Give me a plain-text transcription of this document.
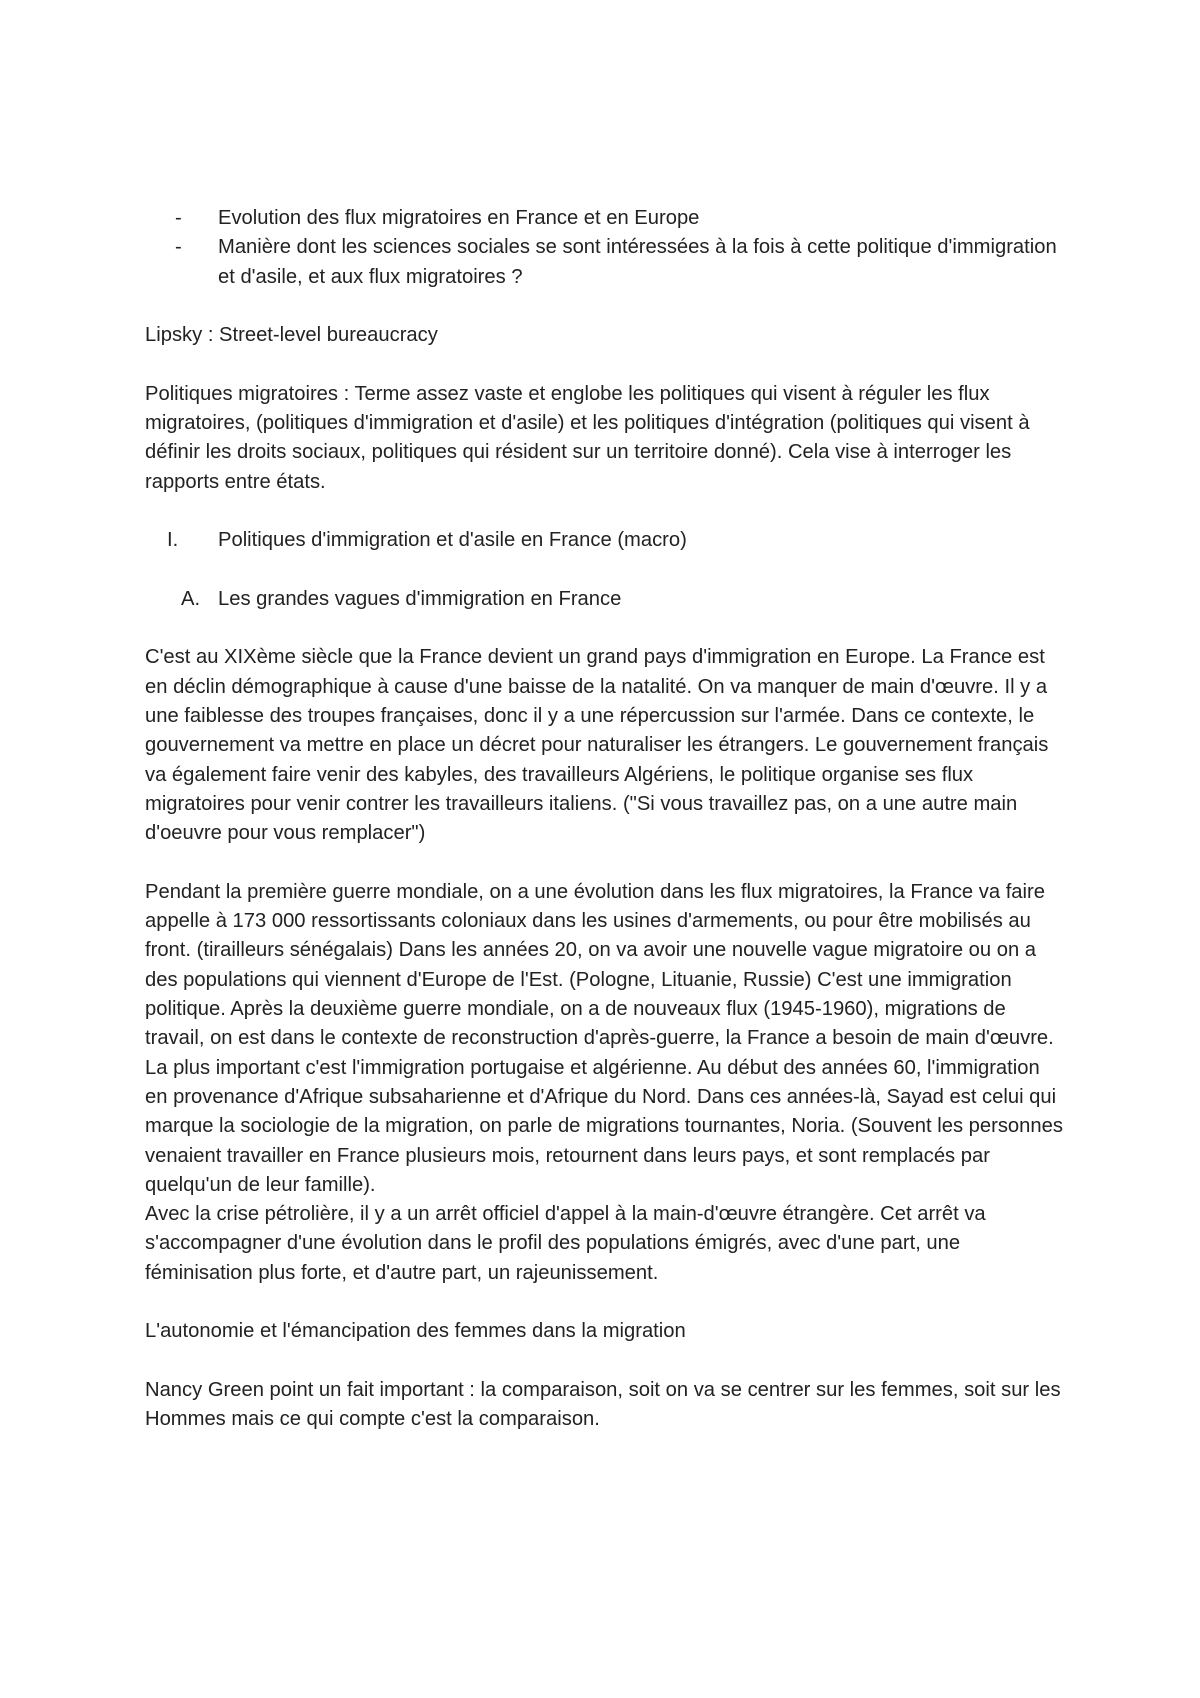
- Evolution des flux migratoires en France et en Europe
- Manière dont les sciences sociales se sont intéressées à la fois à cette politique d'immigration et d'asile, et aux flux migratoires ?

Lipsky : Street-level bureaucracy

Politiques migratoires : Terme assez vaste et englobe les politiques qui visent à réguler les flux migratoires, (politiques d'immigration et d'asile) et les politiques d'intégration (politiques qui visent à définir les droits sociaux, politiques qui résident sur un territoire donné). Cela vise à interroger les rapports entre états.

I. Politiques d'immigration et d'asile en France (macro)
A. Les grandes vagues d'immigration en France

C'est au XIXème siècle que la France devient un grand pays d'immigration en Europe. La France est en déclin démographique à cause d'une baisse de la natalité. On va manquer de main d'œuvre. Il y a une faiblesse des troupes françaises, donc il y a une répercussion sur l'armée. Dans ce contexte, le gouvernement va mettre en place un décret pour naturaliser les étrangers. Le gouvernement français va également faire venir des kabyles, des travailleurs Algériens, le politique organise ses flux migratoires pour venir contrer les travailleurs italiens. ("Si vous travaillez pas, on a une autre main d'oeuvre pour vous remplacer")

Pendant la première guerre mondiale, on a une évolution dans les flux migratoires, la France va faire appelle à 173 000 ressortissants coloniaux dans les usines d'armements, ou pour être mobilisés au front. (tirailleurs sénégalais) Dans les années 20, on va avoir une nouvelle vague migratoire ou on a des populations qui viennent d'Europe de l'Est. (Pologne, Lituanie, Russie) C'est une immigration politique. Après la deuxième guerre mondiale, on a de nouveaux flux (1945-1960), migrations de travail, on est dans le contexte de reconstruction d'après-guerre, la France a besoin de main d'œuvre. La plus important c'est l'immigration portugaise et algérienne. Au début des années 60, l'immigration en provenance d'Afrique subsaharienne et d'Afrique du Nord. Dans ces années-là, Sayad est celui qui marque la sociologie de la migration, on parle de migrations tournantes, Noria. (Souvent les personnes venaient travailler en France plusieurs mois, retournent dans leurs pays, et sont remplacés par quelqu'un de leur famille).

Avec la crise pétrolière, il y a un arrêt officiel d'appel à la main-d'œuvre étrangère. Cet arrêt va s'accompagner d'une évolution dans le profil des populations émigrés, avec d'une part, une féminisation plus forte, et d'autre part, un rajeunissement.

L'autonomie et l'émancipation des femmes dans la migration

Nancy Green point un fait important : la comparaison, soit on va se centrer sur les femmes, soit sur les Hommes mais ce qui compte c'est la comparaison.
